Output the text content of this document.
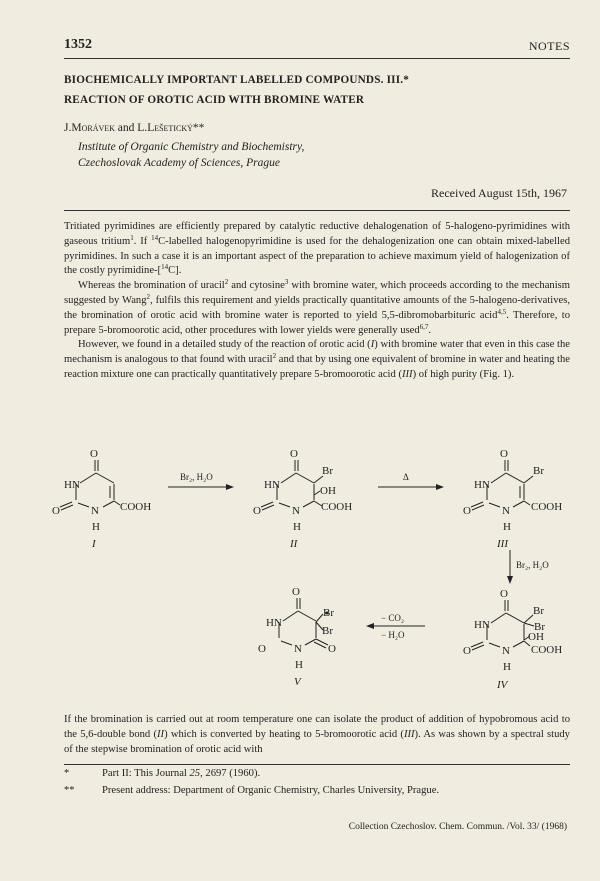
1352	NOTES
BIOCHEMICALLY IMPORTANT LABELLED COMPOUNDS. III.*
REACTION OF OROTIC ACID WITH BROMINE WATER
J.Morávek and L.Lešetický**
Institute of Organic Chemistry and Biochemistry,
Czechoslovak Academy of Sciences, Prague
Received August 15th, 1967

Tritiated pyrimidines are efficiently prepared by catalytic reductive dehalogenation of 5-halogeno-pyrimidines with gaseous tritium$^1$. If $^{14}$C-labelled halogenopyrimidine is used for the dehalogenization one can obtain mixed-labelled pyrimidines. In such a case it is an important aspect of the preparation to achieve maximum yield of halogenization of the costly pyrimidine-[$^{14}$C].

Whereas the bromination of uracil$^2$ and cytosine$^3$ with bromine water, which proceeds according to the mechanism suggested by Wang$^2$, fulfils this requirement and yields practically quantitative amounts of the 5-halogeno-derivatives, the bromination of orotic acid with bromine water is reported to yield 5,5-dibromobarbituric acid$^{4,5}$. Therefore, to prepare 5-bromoorotic acid, other procedures with lower yields were generally used$^{6,7}$.

However, we found in a detailed study of the reaction of orotic acid (I) with bromine water that even in this case the mechanism is analogous to that found with uracil$^2$ and that by using one equivalent of bromine in water and heating the reaction mixture one can practically quantitatively prepare 5-bromoorotic acid (III) of high purity (Fig. 1).

O
HN
O	N COOH
H
I
Br₂, H₂O
O
Br
HN	OH
O	N COOH
H
II
Δ
O
Br
HN
O	N COOH
H
III
Br₂, H₂O
O
Br
HN	Br
OH
O	N COOH
H
IV
− CO₂
− H₂O
O
Br
HN
Br
O	N O
H
V

If the bromination is carried out at room temperature one can isolate the product of addition of hypobromous acid to the 5,6-double bond (II) which is converted by heating to 5-bromoorotic acid (III). As was shown by a spectral study of the stepwise bromination of orotic acid with

*	Part II: This Journal 25, 2697 (1960).
**	Present address: Department of Organic Chemistry, Charles University, Prague.
Collection Czechoslov. Chem. Commun. /Vol. 33/ (1968)
